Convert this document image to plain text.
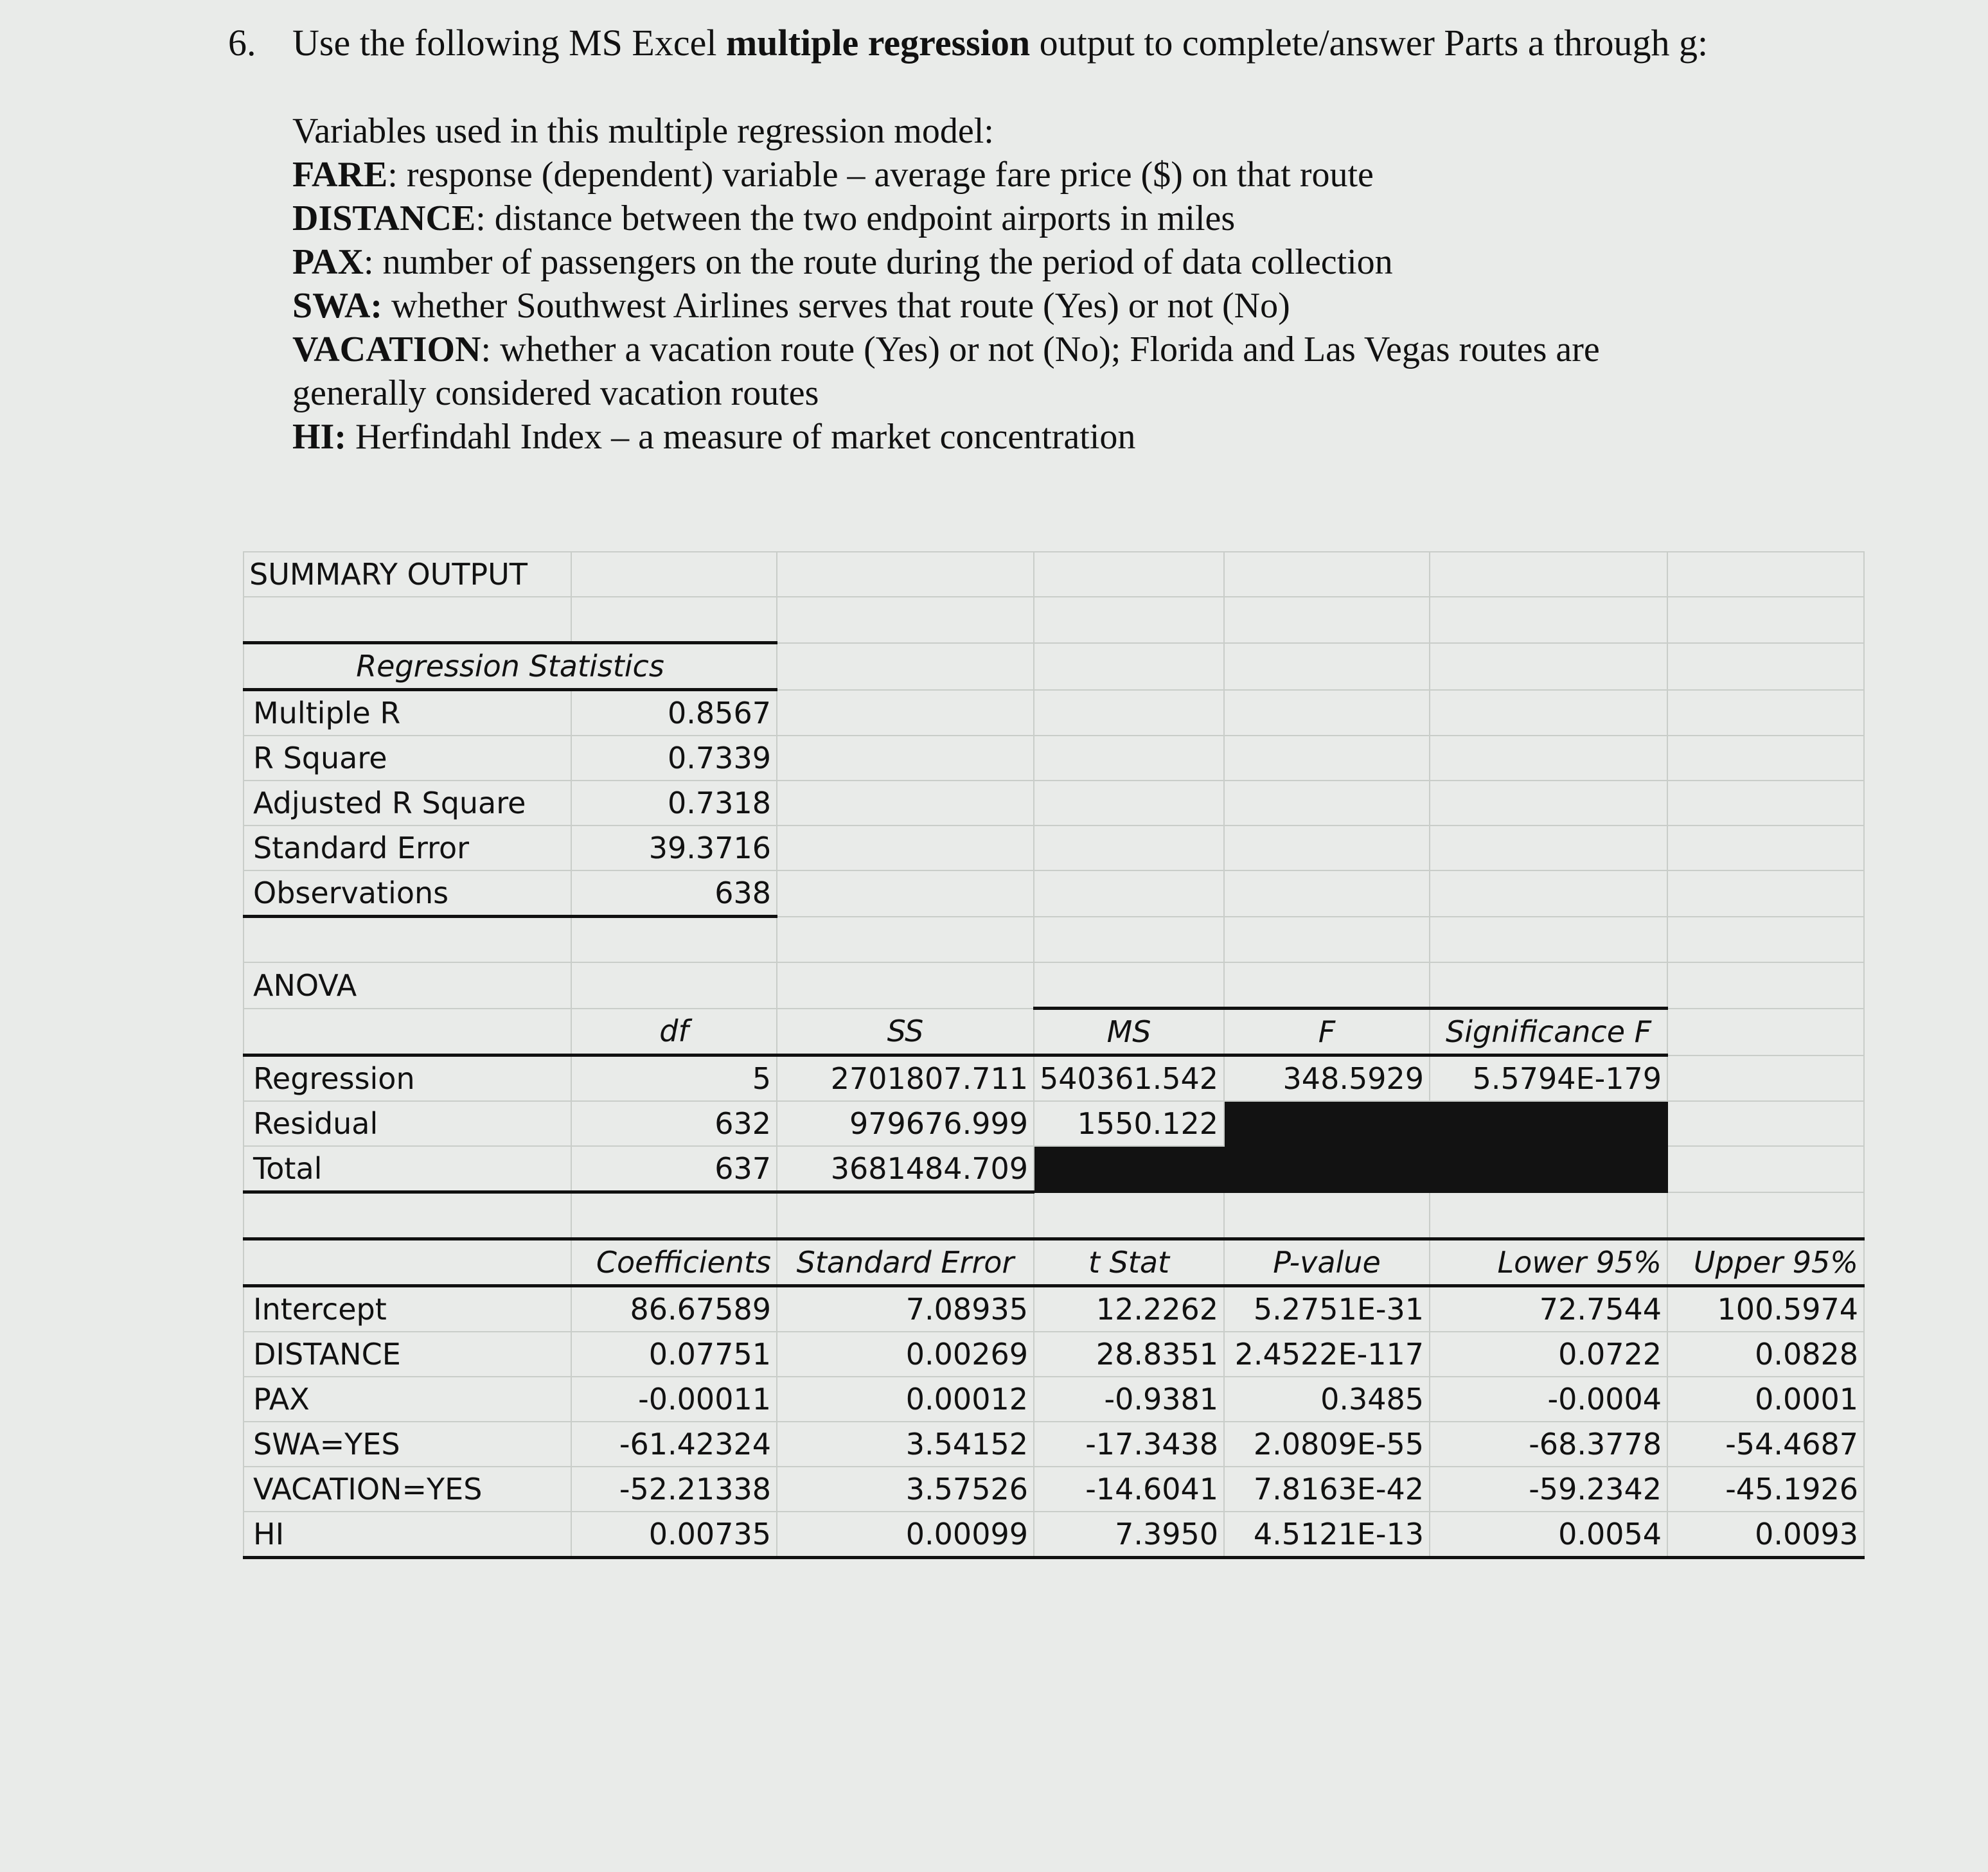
6. Use the following MS Excel multiple regression output to complete/answer Parts a through g:
Variables used in this multiple regression model:
FARE: response (dependent) variable – average fare price ($) on that route
DISTANCE: distance between the two endpoint airports in miles
PAX: number of passengers on the route during the period of data collection
SWA: whether Southwest Airlines serves that route (Yes) or not (No)
VACATION: whether a vacation route (Yes) or not (No); Florida and Las Vegas routes are
generally considered vacation routes
HI: Herfindahl Index – a measure of market concentration
SUMMARY OUTPUT						

Regression Statistics						
Multiple R	0.8567					
R Square	0.7339					
Adjusted R Square	0.7318					
Standard Error	39.3716					
Observations	638					

ANOVA						
	df	SS	MS	F	Significance F	
Regression	5	2701807.711	540361.542	348.5929	5.5794E-179	
Residual	632	979676.999	1550.122			
Total	637	3681484.709				

	Coefficients	Standard Error	t Stat	P-value	Lower 95%	Upper 95%
Intercept	86.67589	7.08935	12.2262	5.2751E-31	72.7544	100.5974
DISTANCE	0.07751	0.00269	28.8351	2.4522E-117	0.0722	0.0828
PAX	-0.00011	0.00012	-0.9381	0.3485	-0.0004	0.0001
SWA=YES	-61.42324	3.54152	-17.3438	2.0809E-55	-68.3778	-54.4687
VACATION=YES	-52.21338	3.57526	-14.6041	7.8163E-42	-59.2342	-45.1926
HI	0.00735	0.00099	7.3950	4.5121E-13	0.0054	0.0093
